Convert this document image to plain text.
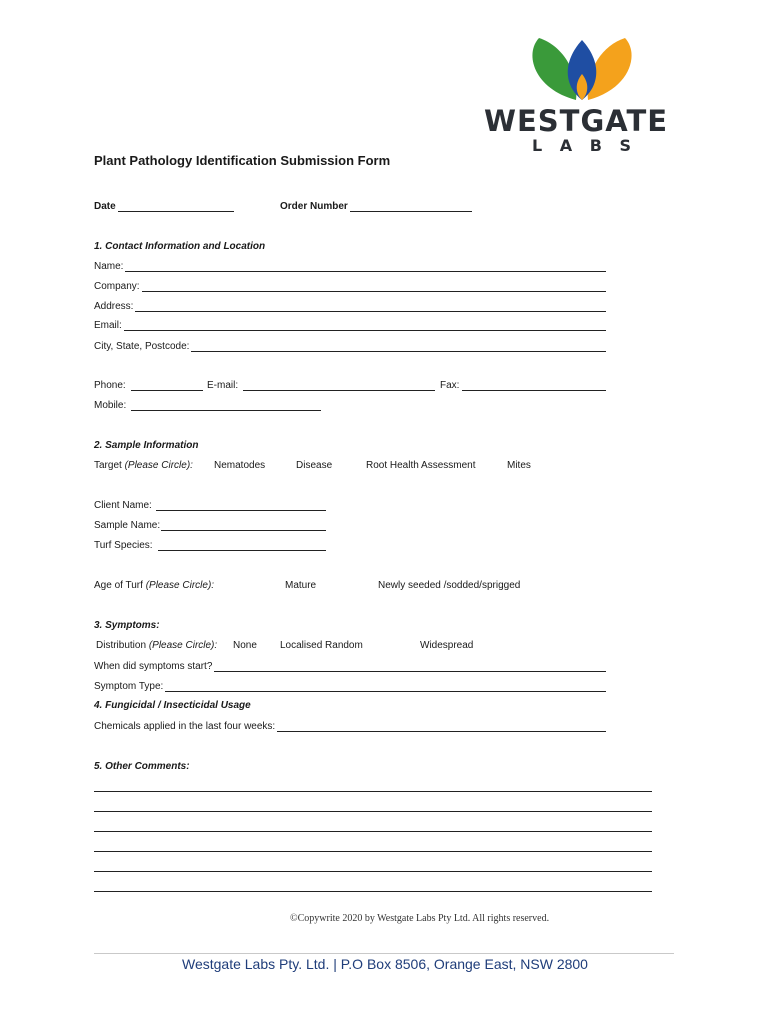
WESTGATE
L A B S
Plant Pathology Identification Submission Form
Date	Order Number
1. Contact Information and Location
Name:
Company:
Address:
Email:
City, State, Postcode:
Phone:	E-mail:	Fax:
Mobile:
2. Sample Information
Target (Please Circle): Nematodes	Disease	Root Health Assessment	Mites
Client Name:
Sample Name:
Turf Species:
Age of Turf (Please Circle):	Mature	Newly seeded /sodded/sprigged
3. Symptoms:
Distribution (Please Circle): None Localised Random	Widespread
When did symptoms start?
Symptom Type:
4. Fungicidal / Insecticidal Usage
Chemicals applied in the last four weeks:
5. Other Comments:
©Copywrite 2020 by Westgate Labs Pty Ltd. All rights reserved.
Westgate Labs Pty. Ltd. | P.O Box 8506, Orange East, NSW 2800
